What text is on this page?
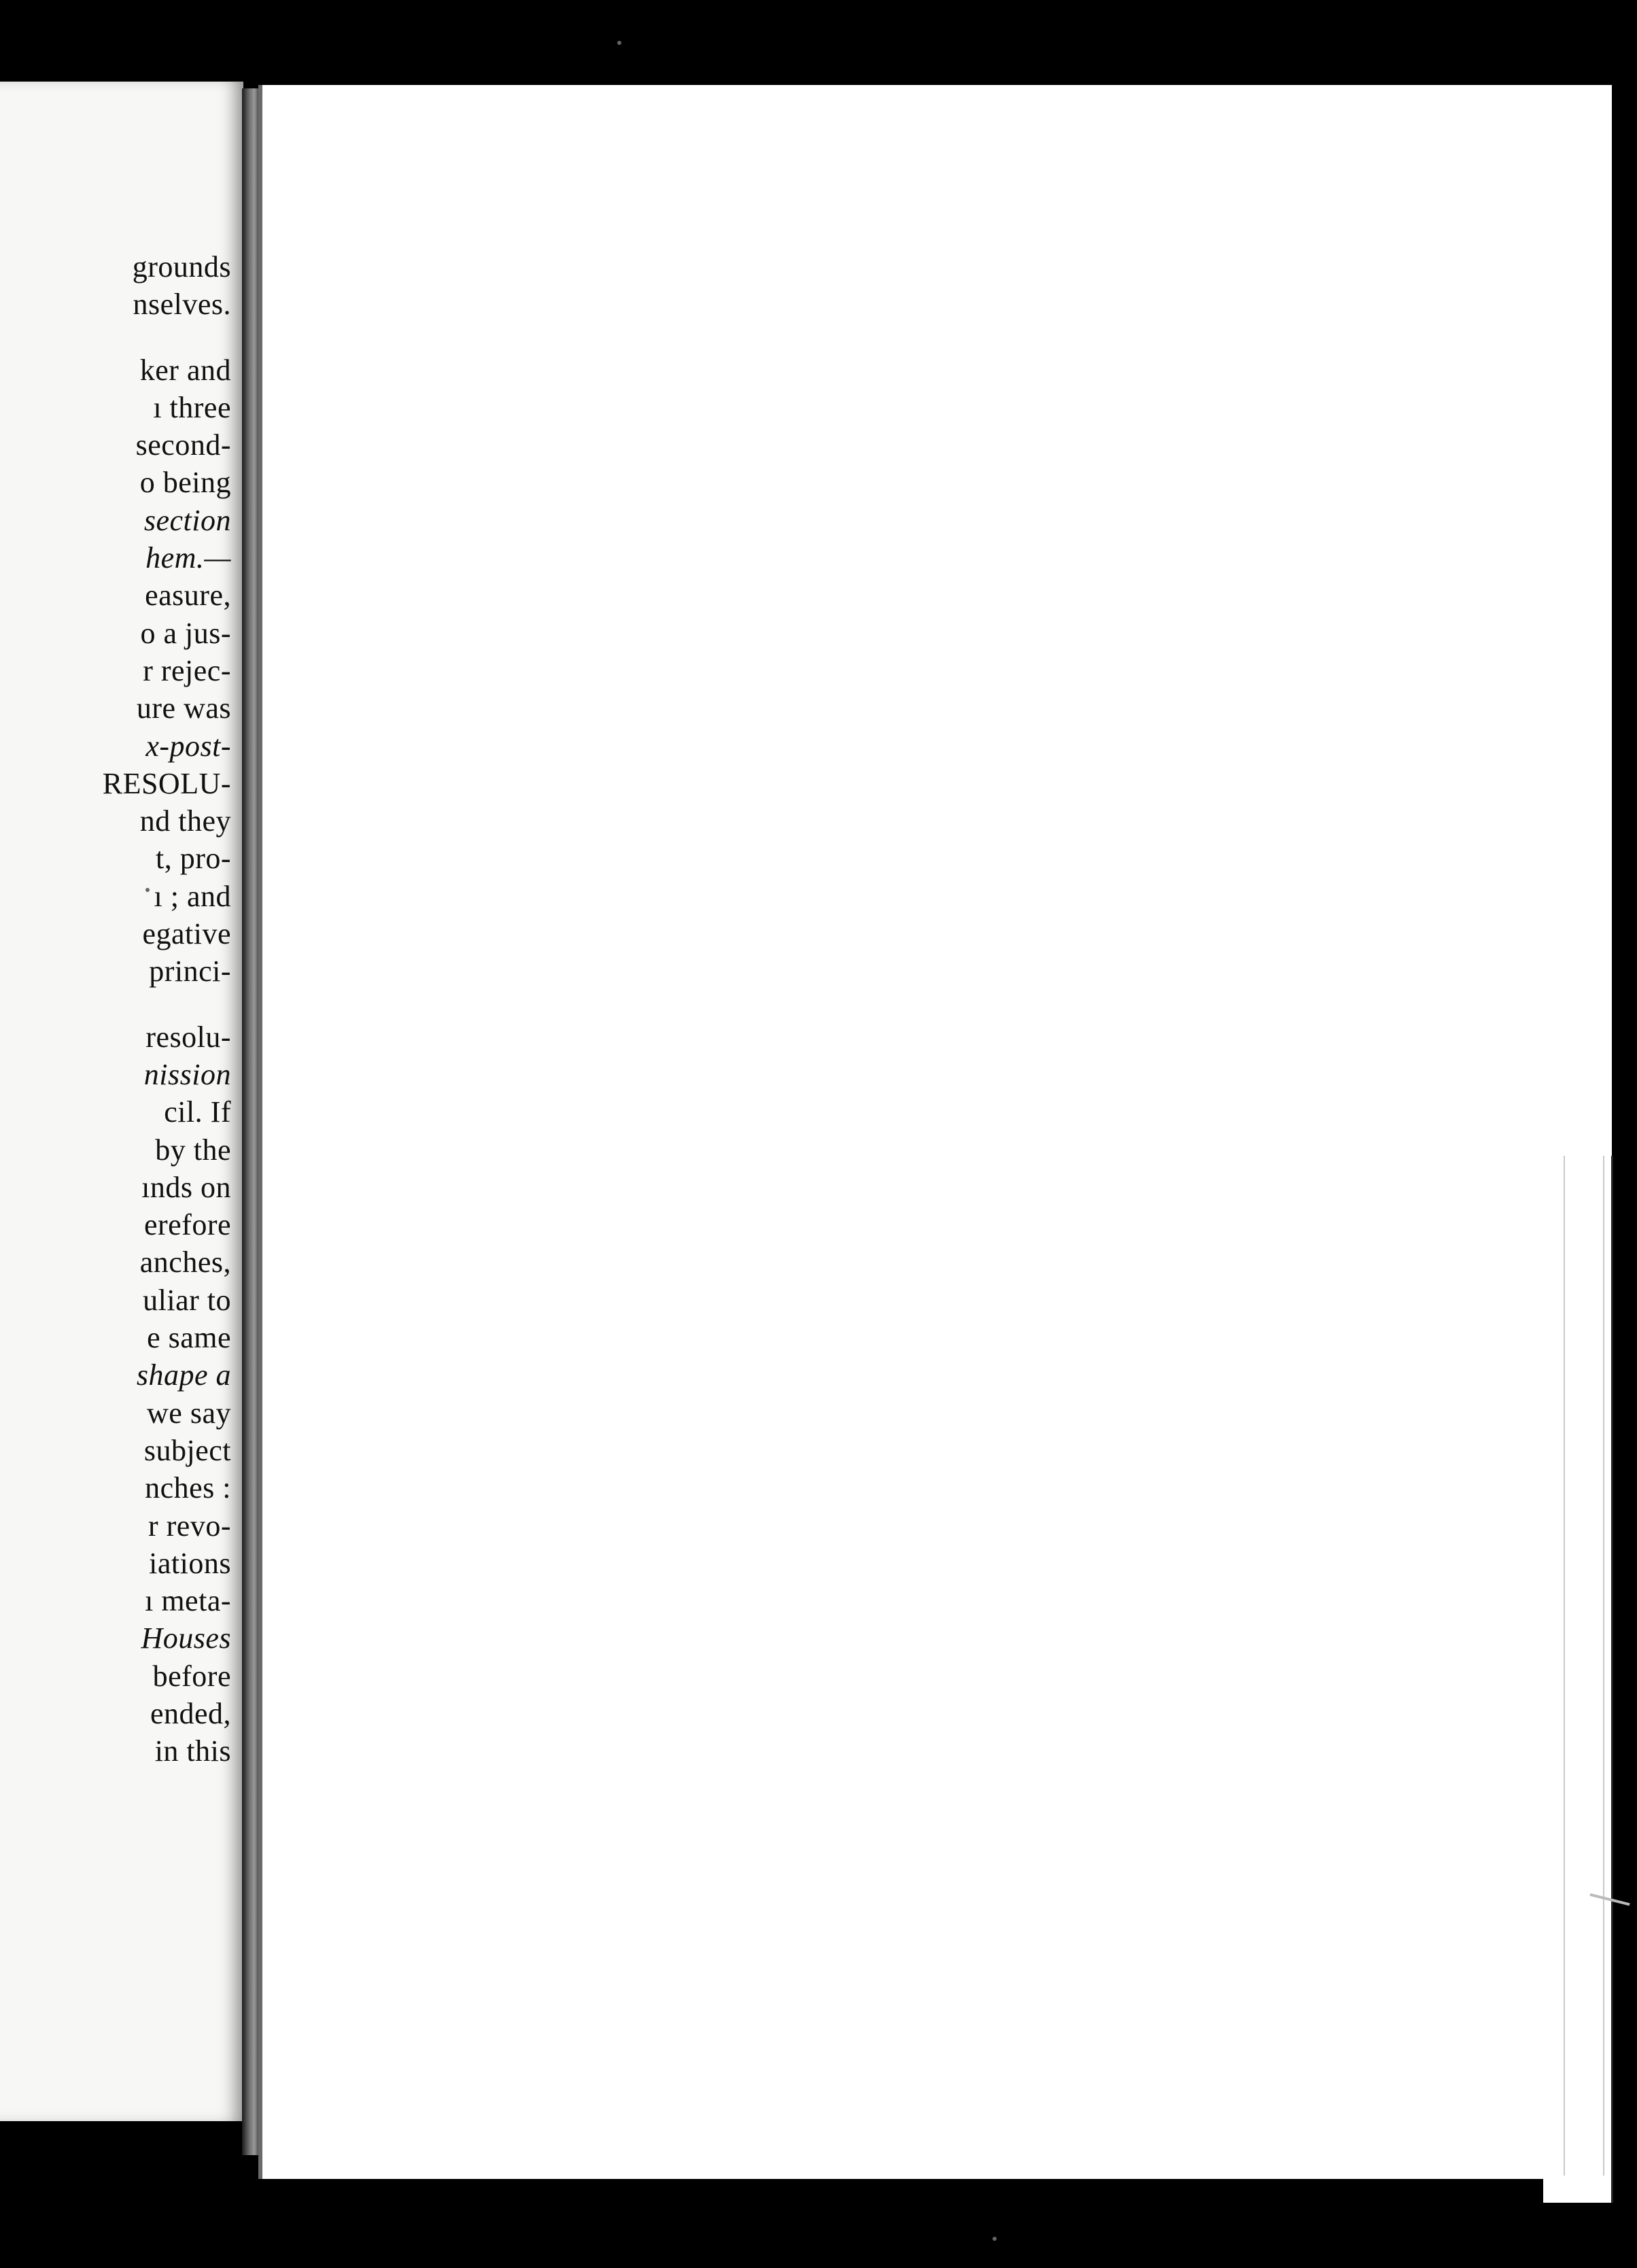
grounds
nselves.
ker and
ı three
second-
o being
section
hem.—
easure,
o a jus-
r rejec-
ure was
x-post-
RESOLU-
nd they
t, pro-
ı ; and
egative
princi-
resolu-
nission
cil. If
by the
ınds on
erefore
anches,
uliar to
e same
shape a
we say
subject
nches :
r revo-
iations
ı meta-
Houses
before
ended,
in this
